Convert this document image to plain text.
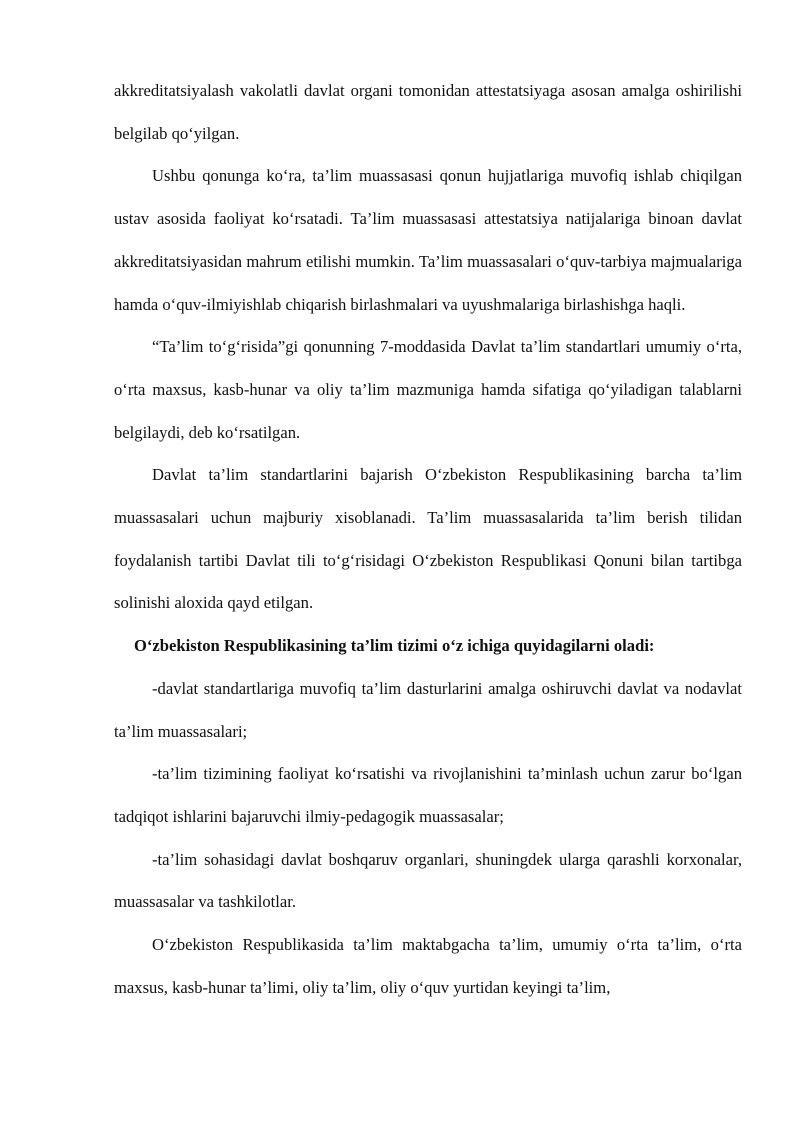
akkreditatsiyalash vakolatli davlat organi tomonidan attestatsiyaga asosan amalga oshirilishi belgilab qo‘yilgan.

Ushbu qonunga ko‘ra, ta’lim muassasasi qonun hujjatlariga muvofiq ishlab chiqilgan ustav asosida faoliyat ko‘rsatadi. Ta’lim muassasasi attestatsiya natijalariga binoan davlat akkreditatsiyasidan mahrum etilishi mumkin. Ta’lim muassasalari o‘quv-tarbiya majmualariga hamda o‘quv-ilmiyishlab chiqarish birlashmalari va uyushmalariga birlashishga haqli.

“Ta’lim to‘g‘risida”gi qonunning 7-moddasida Davlat ta’lim standartlari umumiy o‘rta, o‘rta maxsus, kasb-hunar va oliy ta’lim mazmuniga hamda sifatiga qo‘yiladigan talablarni belgilaydi, deb ko‘rsatilgan.

Davlat ta’lim standartlarini bajarish O‘zbekiston Respublikasining barcha ta’lim muassasalari uchun majburiy xisoblanadi. Ta’lim muassasalarida ta’lim berish tilidan foydalanish tartibi Davlat tili to‘g‘risidagi O‘zbekiston Respublikasi Qonuni bilan tartibga solinishi aloxida qayd etilgan.

O‘zbekiston Respublikasining ta’lim tizimi o‘z ichiga quyidagilarni oladi:

-davlat standartlariga muvofiq ta’lim dasturlarini amalga oshiruvchi davlat va nodavlat ta’lim muassasalari;

-ta’lim tizimining faoliyat ko‘rsatishi va rivojlanishini ta’minlash uchun zarur bo‘lgan tadqiqot ishlarini bajaruvchi ilmiy-pedagogik muassasalar;

-ta’lim sohasidagi davlat boshqaruv organlari, shuningdek ularga qarashli korxonalar, muassasalar va tashkilotlar.

O‘zbekiston Respublikasida ta’lim maktabgacha ta’lim, umumiy o‘rta ta’lim, o‘rta maxsus, kasb-hunar ta’limi, oliy ta’lim, oliy o‘quv yurtidan keyingi ta’lim,
